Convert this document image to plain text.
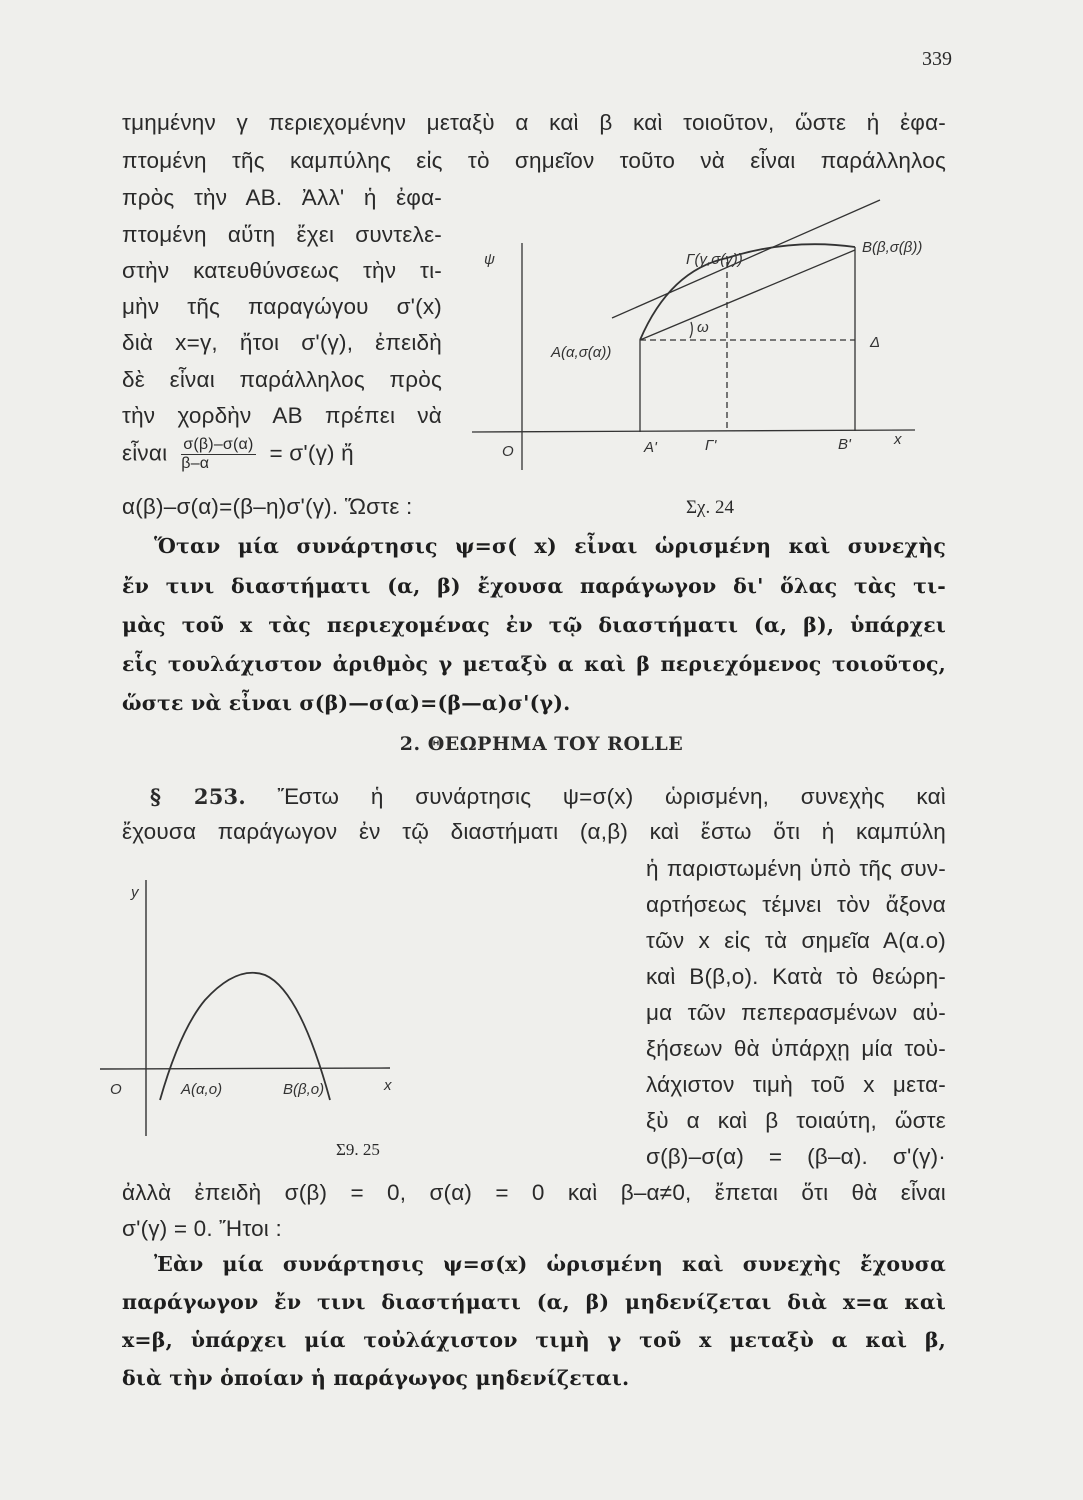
339
τμημένην γ περιεχομένην μεταξὺ α καὶ β καὶ τοιοῦτον, ὥστε ἡ ἐφα-
πτομένη τῆς καμπύλης εἰς τὸ σημεῖον τοῦτο νὰ εἶναι παράλληλος
πρὸς τὴν ΑΒ. Ἀλλ' ἡ ἐφα-
πτομένη αὕτη ἔχει συντελε-
στὴν κατευθύνσεως τὴν τι-
μὴν τῆς παραγώγου σ'(x)
διὰ x=γ, ἤτοι σ'(γ), ἐπειδὴ
δὲ εἶναι παράλληλος πρὸς
τὴν χορδὴν ΑΒ πρέπει νὰ
εἶναι $\frac{\sigma(\beta)-\sigma(\alpha)}{\beta-\alpha} = \sigma'(\gamma)$ ἤ
α(β)–σ(α)=(β–η)σ'(γ). Ὥστε :	Σχ. 24
ψ	Γ(γ,σ(γ))
Β(β,σ(β))
ω
Α(α,σ(α))
Δ
O	Α'	Γ'	Β'	x
y
O	A(α,ο)	B(β,ο)	x
Ὅταν μία συνάρτησις ψ=σ( x) εἶναι ὡρισμένη καὶ συνεχὴς
ἔν τινι διαστήματι (α, β) ἔχουσα παράγωγον δι' ὅλας τὰς τι-
μὰς τοῦ x τὰς περιεχομένας ἐν τῷ διαστήματι (α, β), ὑπάρχει
εἷς τουλάχιστον ἀριθμὸς γ μεταξὺ α καὶ β περιεχόμενος τοιοῦτος,
ὥστε νὰ εἶναι σ(β)—σ(α)=(β—α)σ'(γ).
2. ΘΕΩΡΗΜΑ ΤΟΥ ROLLE
§ 253. Ἔστω ἡ συνάρτησις ψ=σ(x) ὡρισμένη, συνεχὴς καὶ
ἔχουσα παράγωγον ἐν τῷ διαστήματι (α,β) καὶ ἔστω ὅτι ἡ καμπύλη
ἡ παριστωμένη ὑπὸ τῆς συν-
αρτήσεως τέμνει τὸν ἄξονα
τῶν x εἰς τὰ σημεῖα Α(α.ο)
καὶ Β(β,ο). Κατὰ τὸ θεώρη-
μα τῶν πεπερασμένων αὐ-
ξήσεων θὰ ὑπάρχῃ μία τοὺ-
λάχιστον τιμὴ τοῦ x μετα-
ξὺ α καὶ β τοιαύτη, ὥστε
σ(β)–σ(α) = (β–α). σ'(γ)·
Σ9. 25
ἀλλὰ ἐπειδὴ σ(β) = 0, σ(α) = 0 καὶ β–α≠0, ἔπεται ὅτι θὰ εἶναι
σ'(γ) = 0. Ἤτοι :
Ἐὰν μία συνάρτησις ψ=σ(x) ὡρισμένη καὶ συνεχὴς ἔχουσα
παράγωγον ἔν τινι διαστήματι (α, β) μηδενίζεται διὰ x=α καὶ
x=β, ὑπάρχει μία τοὐλάχιστον τιμὴ γ τοῦ x μεταξὺ α καὶ β,
διὰ τὴν ὁποίαν ἡ παράγωγος μηδενίζεται.
